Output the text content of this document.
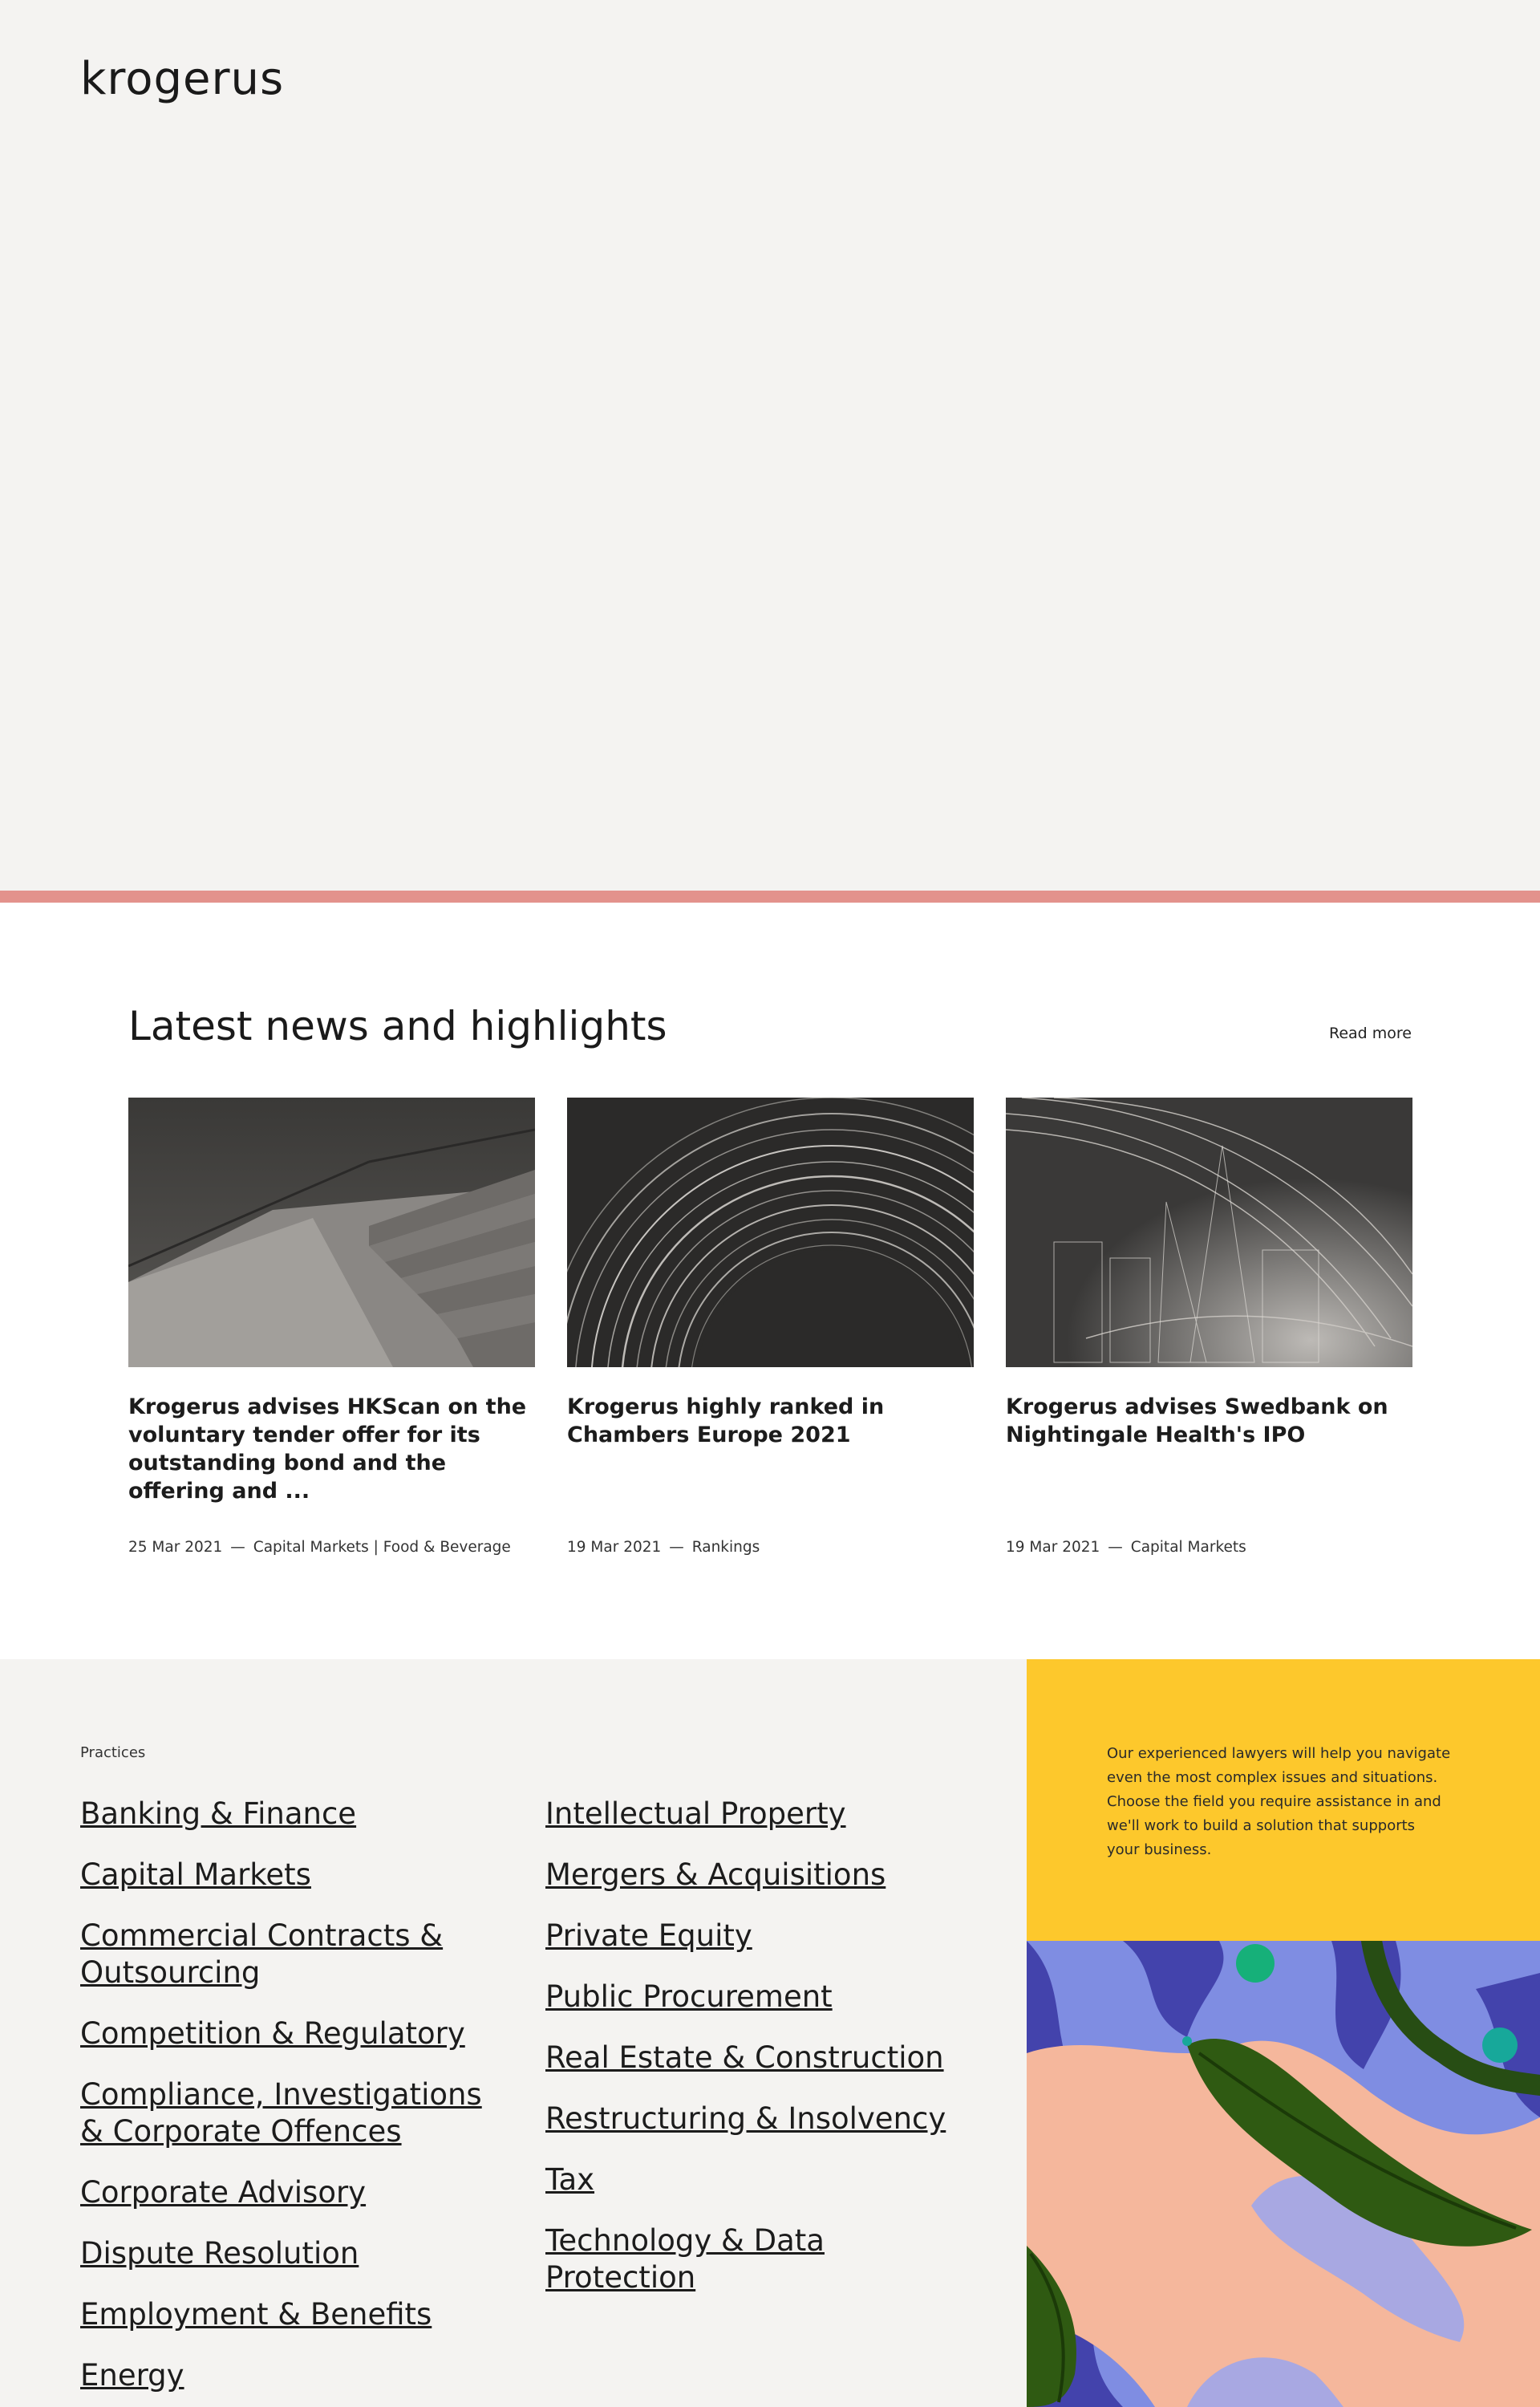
krogerus
Latest news and highlights	Read more
Krogerus advises HKScan on the voluntary tender offer for its outstanding bond and the offering and ...
25 Mar 2021 — Capital Markets | Food & Beverage
Krogerus highly ranked in Chambers Europe 2021
19 Mar 2021 — Rankings
Krogerus advises Swedbank on Nightingale Health's IPO
19 Mar 2021 — Capital Markets
Practices
Banking & Finance
Capital Markets
Commercial Contracts & Outsourcing
Competition & Regulatory
Compliance, Investigations & Corporate Offences
Corporate Advisory
Dispute Resolution
Employment & Benefits
Energy
Intellectual Property
Mergers & Acquisitions
Private Equity
Public Procurement
Real Estate & Construction
Restructuring & Insolvency
Tax
Technology & Data Protection

Our experienced lawyers will help you navigate even the most complex issues and situations. Choose the field you require assistance in and we'll work to build a solution that supports your business.
